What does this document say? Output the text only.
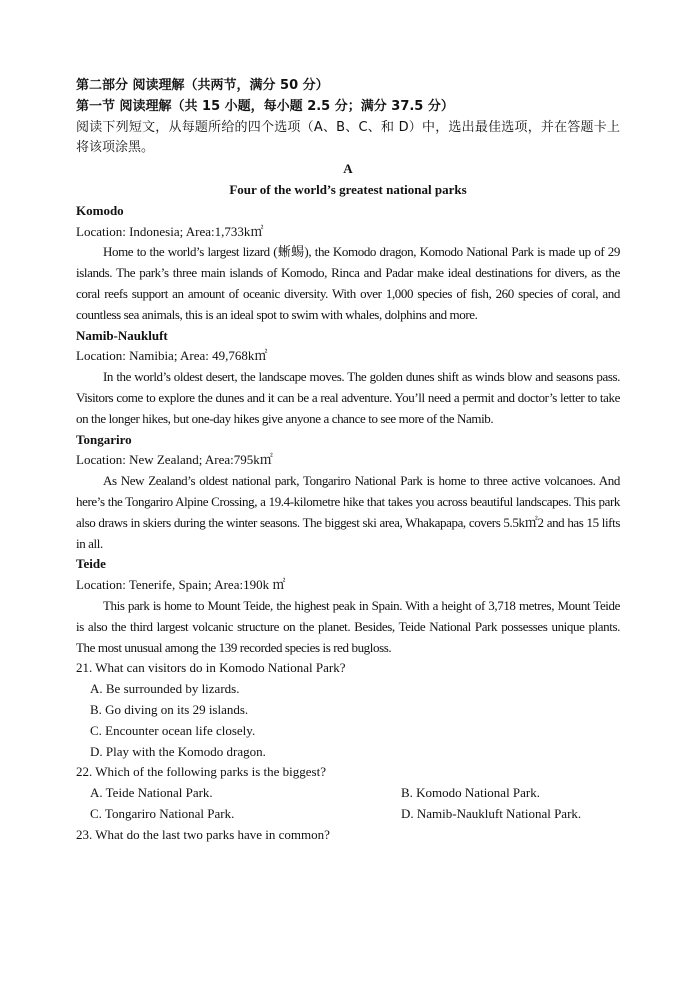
第二部分 阅读理解（共两节，满分 50 分）

第一节 阅读理解（共 15 小题，每小题 2.5 分；满分 37.5 分）

阅读下列短文，从每题所给的四个选项（A、B、C、和 D）中，选出最佳选项，并在答题卡上将该项涂黑。

A

Four of the world’s greatest national parks

Komodo

Location: Indonesia; Area:1,733k㎡

Home to the world’s largest lizard (蜥蜴), the Komodo dragon, Komodo National Park is made up of 29 islands. The park’s three main islands of Komodo, Rinca and Padar make ideal destinations for divers, as the coral reefs support an amount of oceanic diversity. With over 1,000 species of fish, 260 species of coral, and countless sea animals, this is an ideal spot to swim with whales, dolphins and more.

Namib-Naukluft

Location: Namibia; Area: 49,768k㎡

In the world’s oldest desert, the landscape moves. The golden dunes shift as winds blow and seasons pass. Visitors come to explore the dunes and it can be a real adventure. You’ll need a permit and doctor’s letter to take on the longer hikes, but one-day hikes give anyone a chance to see more of the Namib.

Tongariro

Location: New Zealand; Area:795k㎡

As New Zealand’s oldest national park, Tongariro National Park is home to three active volcanoes. And here’s the Tongariro Alpine Crossing, a 19.4-kilometre hike that takes you across beautiful landscapes. This park also draws in skiers during the winter seasons. The biggest ski area, Whakapapa, covers 5.5k㎡2 and has 15 lifts in all.

Teide

Location: Tenerife, Spain; Area:190k ㎡

This park is home to Mount Teide, the highest peak in Spain. With a height of 3,718 metres, Mount Teide is also the third largest volcanic structure on the planet. Besides, Teide National Park possesses unique plants. The most unusual among the 139 recorded species is red bugloss.

21. What can visitors do in Komodo National Park?

A. Be surrounded by lizards.

B. Go diving on its 29 islands.

C. Encounter ocean life closely.

D. Play with the Komodo dragon.

22. Which of the following parks is the biggest?

A. Teide National Park.	B. Komodo National Park.
C. Tongariro National Park.	D. Namib-Naukluft National Park.

23. What do the last two parks have in common?
